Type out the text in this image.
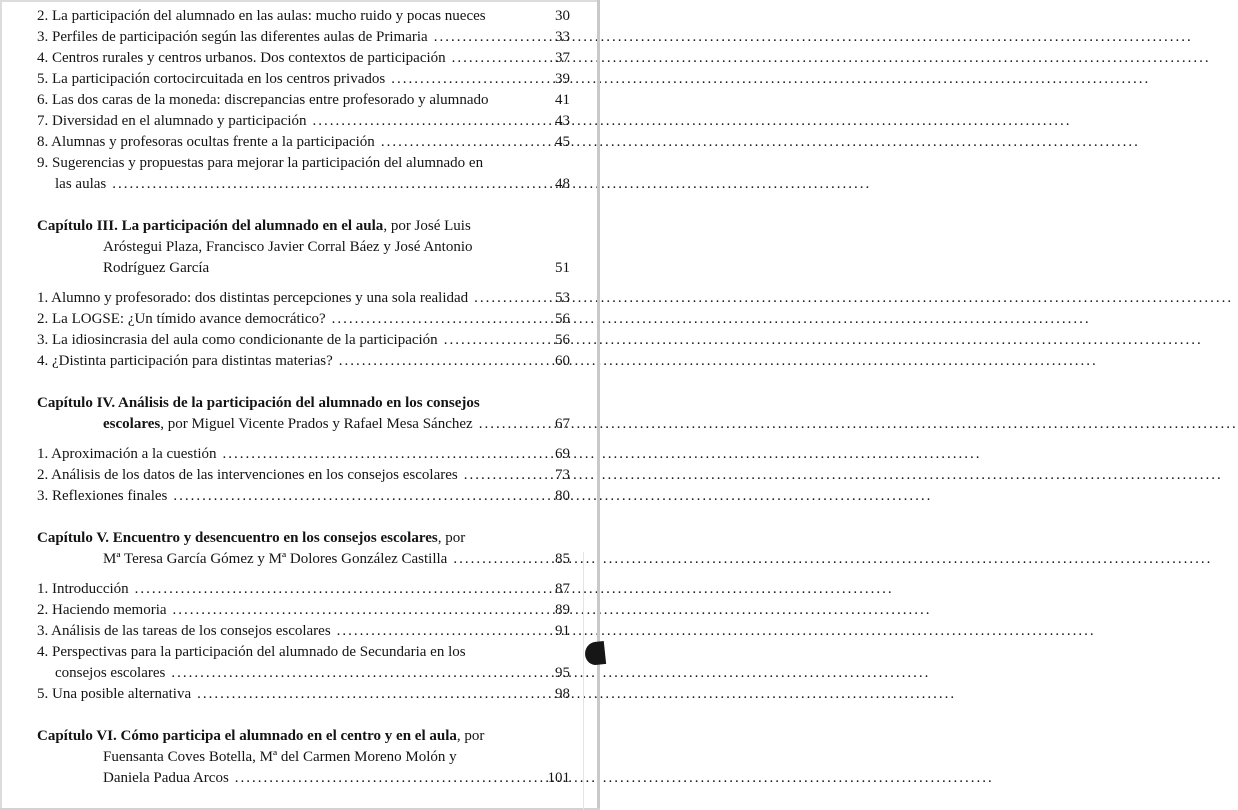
2. La participación del alumnado en las aulas: mucho ruido y pocas nueces	30
3. Perfiles de participación según las diferentes aulas de Primaria .....	33
4. Centros rurales y centros urbanos. Dos contextos de participación .....	37
5. La participación cortocircuitada en los centros privados .....	39
6. Las dos caras de la moneda: discrepancias entre profesorado y alumnado	41
7. Diversidad en el alumnado y participación .....	43
8. Alumnas y profesoras ocultas frente a la participación .....	45
9. Sugerencias y propuestas para mejorar la participación del alumnado en
las aulas .....	48
Capítulo III. La participación del alumnado en el aula, por José Luis
Aróstegui Plaza, Francisco Javier Corral Báez y José Antonio
Rodríguez García	51
1. Alumno y profesorado: dos distintas percepciones y una sola realidad .....	53
2. La LOGSE: ¿Un tímido avance democrático? .....	56
3. La idiosincrasia del aula como condicionante de la participación .....	56
4. ¿Distinta participación para distintas materias? .....	60
Capítulo IV. Análisis de la participación del alumnado en los consejos
escolares, por Miguel Vicente Prados y Rafael Mesa Sánchez .....	67
1. Aproximación a la cuestión .....	69
2. Análisis de los datos de las intervenciones en los consejos escolares .....	73
3. Reflexiones finales .....	80
Capítulo V. Encuentro y desencuentro en los consejos escolares, por
Mª Teresa García Gómez y Mª Dolores González Castilla .....	85
1. Introducción .....	87
2. Haciendo memoria .....	89
3. Análisis de las tareas de los consejos escolares .....	91
4. Perspectivas para la participación del alumnado de Secundaria en los
consejos escolares .....	95
5. Una posible alternativa .....	98
Capítulo VI. Cómo participa el alumnado en el centro y en el aula, por
Fuensanta Coves Botella, Mª del Carmen Moreno Molón y
Daniela Padua Arcos .....	101
